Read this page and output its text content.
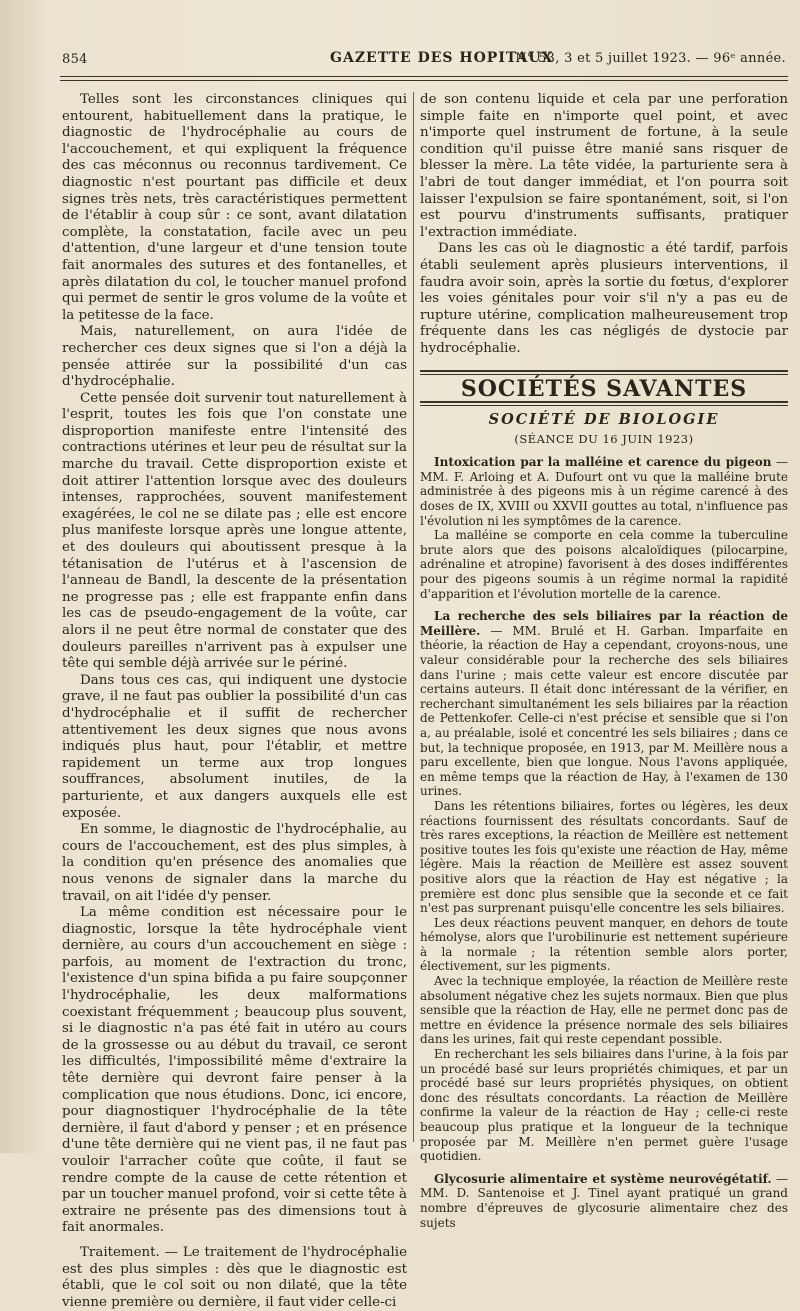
854	GAZETTE DES HOPITAUX
N° 53, 3 et 5 juillet 1923. — 96ᵉ année.

Telles sont les circonstances cliniques qui entourent, habituellement dans la pratique, le diagnostic de l'hydrocéphalie au cours de l'accouchement, et qui expliquent la fréquence des cas méconnus ou reconnus tardivement. Ce diagnostic n'est pourtant pas difficile et deux signes très nets, très caractéristiques permettent de l'établir à coup sûr : ce sont, avant dilatation complète, la constatation, facile avec un peu d'attention, d'une largeur et d'une tension toute fait anormales des sutures et des fontanelles, et après dilatation du col, le toucher manuel profond qui permet de sentir le gros volume de la voûte et la petitesse de la face.

Mais, naturellement, on aura l'idée de rechercher ces deux signes que si l'on a déjà la pensée attirée sur la possibilité d'un cas d'hydrocéphalie.

Cette pensée doit survenir tout naturellement à l'esprit, toutes les fois que l'on constate une disproportion manifeste entre l'intensité des contractions utérines et leur peu de résultat sur la marche du travail. Cette disproportion existe et doit attirer l'attention lorsque avec des douleurs intenses, rapprochées, souvent manifestement exagérées, le col ne se dilate pas ; elle est encore plus manifeste lorsque après une longue attente, et des douleurs qui aboutissent presque à la tétanisation de l'utérus et à l'ascension de l'anneau de Bandl, la descente de la présentation ne progresse pas ; elle est frappante enfin dans les cas de pseudo-engagement de la voûte, car alors il ne peut être normal de constater que des douleurs pareilles n'arrivent pas à expulser une tête qui semble déjà arrivée sur le périné.

Dans tous ces cas, qui indiquent une dystocie grave, il ne faut pas oublier la possibilité d'un cas d'hydrocéphalie et il suffit de rechercher attentivement les deux signes que nous avons indiqués plus haut, pour l'établir, et mettre rapidement un terme aux trop longues souffrances, absolument inutiles, de la parturiente, et aux dangers auxquels elle est exposée.

En somme, le diagnostic de l'hydrocéphalie, au cours de l'accouchement, est des plus simples, à la condition qu'en présence des anomalies que nous venons de signaler dans la marche du travail, on ait l'idée d'y penser.

La même condition est nécessaire pour le diagnostic, lorsque la tête hydrocéphale vient dernière, au cours d'un accouchement en siège : parfois, au moment de l'extraction du tronc, l'existence d'un spina bifida a pu faire soupçonner l'hydrocéphalie, les deux malformations coexistant fréquemment ; beaucoup plus souvent, si le diagnostic n'a pas été fait in utéro au cours de la grossesse ou au début du travail, ce seront les difficultés, l'impossibilité même d'extraire la tête dernière qui devront faire penser à la complication que nous étudions. Donc, ici encore, pour diagnostiquer l'hydrocéphalie de la tête dernière, il faut d'abord y penser ; et en présence d'une tête dernière qui ne vient pas, il ne faut pas vouloir l'arracher coûte que coûte, il faut se rendre compte de la cause de cette rétention et par un toucher manuel profond, voir si cette tête à extraire ne présente pas des dimensions tout à fait anormales.

Traitement. — Le traitement de l'hydrocéphalie est des plus simples : dès que le diagnostic est établi, que le col soit ou non dilaté, que la tête vienne première ou dernière, il faut vider celle-ci

de son contenu liquide et cela par une perforation simple faite en n'importe quel point, et avec n'importe quel instrument de fortune, à la seule condition qu'il puisse être manié sans risquer de blesser la mère. La tête vidée, la parturiente sera à l'abri de tout danger immédiat, et l'on pourra soit laisser l'expulsion se faire spontanément, soit, si l'on est pourvu d'instruments suffisants, pratiquer l'extraction immédiate.

Dans les cas où le diagnostic a été tardif, parfois établi seulement après plusieurs interventions, il faudra avoir soin, après la sortie du fœtus, d'explorer les voies génitales pour voir s'il n'y a pas eu de rupture utérine, complication malheureusement trop fréquente dans les cas négligés de dystocie par hydrocéphalie.

SOCIÉTÉS SAVANTES
SOCIÉTÉ DE BIOLOGIE
(SÉANCE DU 16 JUIN 1923)

Intoxication par la malléine et carence du pigeon — MM. F. Arloing et A. Dufourt ont vu que la malléine brute administrée à des pigeons mis à un régime carencé à des doses de IX, XVIII ou XXVII gouttes au total, n'influence pas l'évolution ni les symptômes de la carence.

La malléine se comporte en cela comme la tuberculine brute alors que des poisons alcaloïdiques (pilocarpine, adrénaline et atropine) favorisent à des doses indifférentes pour des pigeons soumis à un régime normal la rapidité d'apparition et l'évolution mortelle de la carence.

La recherche des sels biliaires par la réaction de Meillère. — MM. Brulé et H. Garban. Imparfaite en théorie, la réaction de Hay a cependant, croyons-nous, une valeur considérable pour la recherche des sels biliaires dans l'urine ; mais cette valeur est encore discutée par certains auteurs. Il était donc intéressant de la vérifier, en recherchant simultanément les sels biliaires par la réaction de Pettenkofer. Celle-ci n'est précise et sensible que si l'on a, au préalable, isolé et concentré les sels biliaires ; dans ce but, la technique proposée, en 1913, par M. Meillère nous a paru excellente, bien que longue. Nous l'avons appliquée, en même temps que la réaction de Hay, à l'examen de 130 urines.

Dans les rétentions biliaires, fortes ou légères, les deux réactions fournissent des résultats concordants. Sauf de très rares exceptions, la réaction de Meillère est nettement positive toutes les fois qu'existe une réaction de Hay, même légère. Mais la réaction de Meillère est assez souvent positive alors que la réaction de Hay est négative ; la première est donc plus sensible que la seconde et ce fait n'est pas surprenant puisqu'elle concentre les sels biliaires.

Les deux réactions peuvent manquer, en dehors de toute hémolyse, alors que l'urobilinurie est nettement supérieure à la normale ; la rétention semble alors porter, électivement, sur les pigments.

Avec la technique employée, la réaction de Meillère reste absolument négative chez les sujets normaux. Bien que plus sensible que la réaction de Hay, elle ne permet donc pas de mettre en évidence la présence normale des sels biliaires dans les urines, fait qui reste cependant possible.

En recherchant les sels biliaires dans l'urine, à la fois par un procédé basé sur leurs propriétés chimiques, et par un procédé basé sur leurs propriétés physiques, on obtient donc des résultats concordants. La réaction de Meillère confirme la valeur de la réaction de Hay ; celle-ci reste beaucoup plus pratique et la longueur de la technique proposée par M. Meillère n'en permet guère l'usage quotidien.

Glycosurie alimentaire et système neurovégétatif. — MM. D. Santenoise et J. Tinel ayant pratiqué un grand nombre d'épreuves de glycosurie alimentaire chez des sujets
